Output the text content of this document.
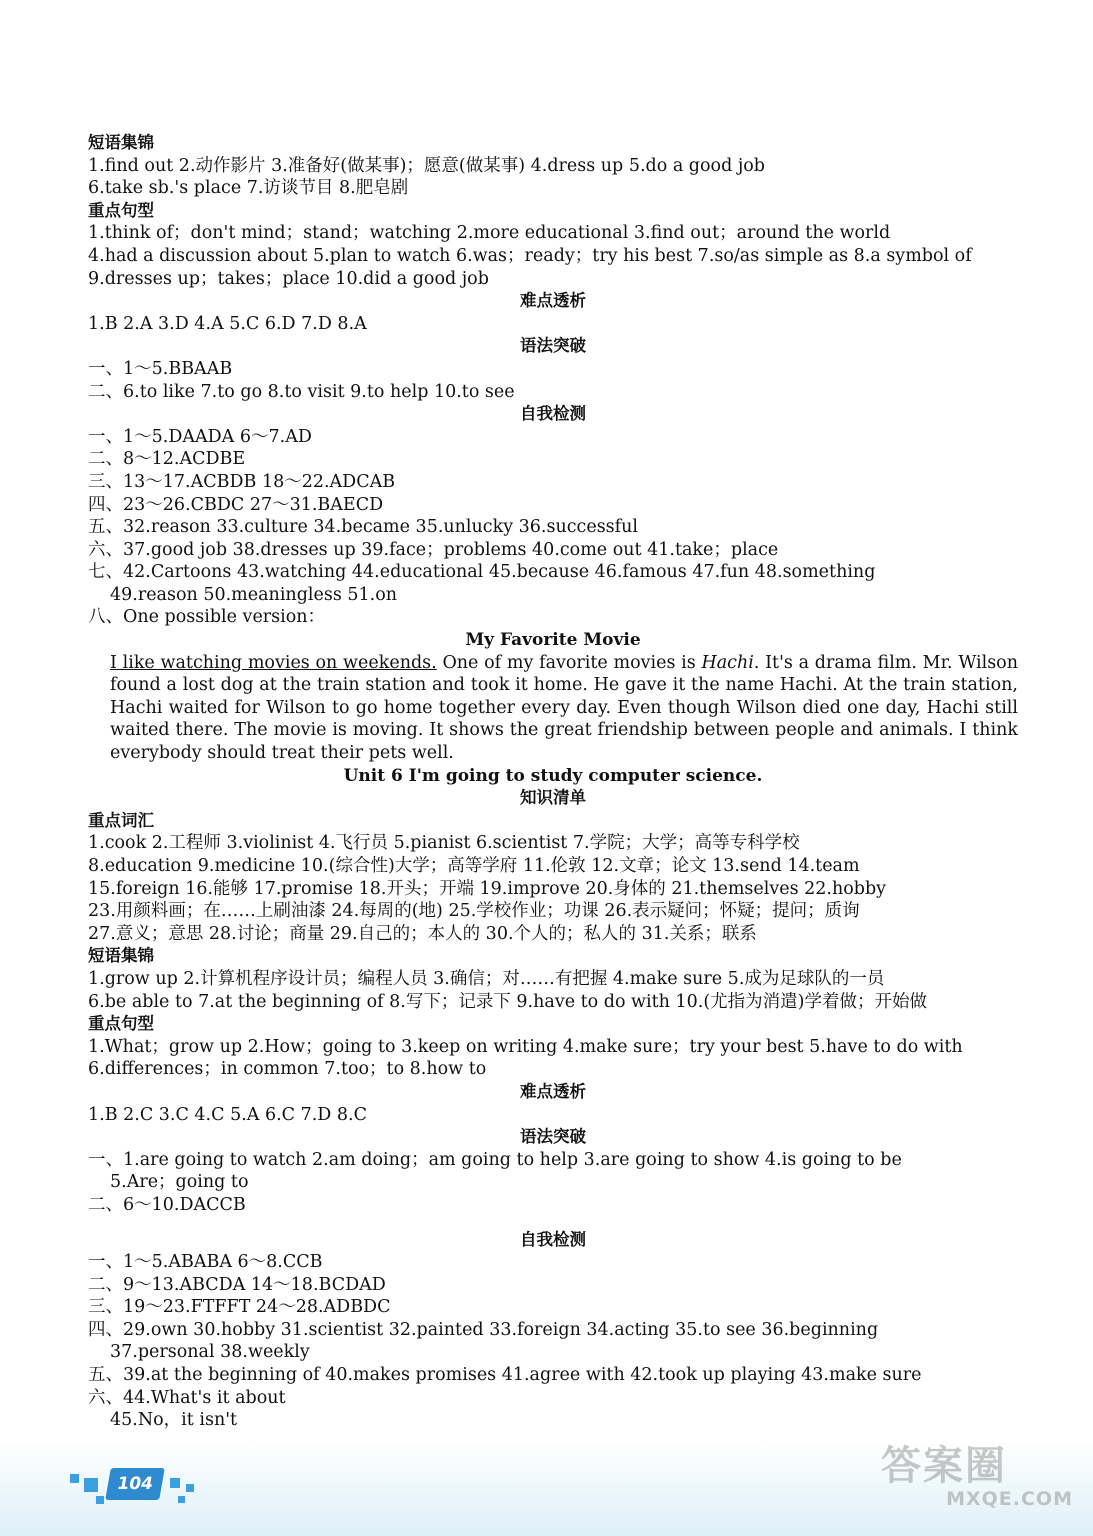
短语集锦
1.find out 2.动作影片 3.准备好(做某事)；愿意(做某事) 4.dress up 5.do a good job
6.take sb.'s place 7.访谈节目 8.肥皂剧
重点句型
1.think of；don't mind；stand；watching 2.more educational 3.find out；around the world
4.had a discussion about 5.plan to watch 6.was；ready；try his best 7.so/as simple as 8.a symbol of
9.dresses up；takes；place 10.did a good job
难点透析
1.B 2.A 3.D 4.A 5.C 6.D 7.D 8.A
语法突破
一、1～5.BBAAB
二、6.to like 7.to go 8.to visit 9.to help 10.to see
自我检测
一、1～5.DAADA 6～7.AD
二、8～12.ACDBE
三、13～17.ACBDB 18～22.ADCAB
四、23～26.CBDC 27～31.BAECD
五、32.reason 33.culture 34.became 35.unlucky 36.successful
六、37.good job 38.dresses up 39.face；problems 40.come out 41.take；place
七、42.Cartoons 43.watching 44.educational 45.because 46.famous 47.fun 48.something
49.reason 50.meaningless 51.on
八、One possible version：
My Favorite Movie
I like watching movies on weekends. One of my favorite movies is Hachi. It's a drama film. Mr. Wilson found a lost dog at the train station and took it home. He gave it the name Hachi. At the train station, Hachi waited for Wilson to go home together every day. Even though Wilson died one day, Hachi still waited there. The movie is moving. It shows the great friendship between people and animals. I think everybody should treat their pets well.
Unit 6 I'm going to study computer science.
知识清单
重点词汇
1.cook 2.工程师 3.violinist 4.飞行员 5.pianist 6.scientist 7.学院；大学；高等专科学校
8.education 9.medicine 10.(综合性)大学；高等学府 11.伦敦 12.文章；论文 13.send 14.team
15.foreign 16.能够 17.promise 18.开头；开端 19.improve 20.身体的 21.themselves 22.hobby
23.用颜料画；在……上刷油漆 24.每周的(地) 25.学校作业；功课 26.表示疑问；怀疑；提问；质询
27.意义；意思 28.讨论；商量 29.自己的；本人的 30.个人的；私人的 31.关系；联系
短语集锦
1.grow up 2.计算机程序设计员；编程人员 3.确信；对……有把握 4.make sure 5.成为足球队的一员
6.be able to 7.at the beginning of 8.写下；记录下 9.have to do with 10.(尤指为消遣)学着做；开始做
重点句型
1.What；grow up 2.How；going to 3.keep on writing 4.make sure；try your best 5.have to do with
6.differences；in common 7.too；to 8.how to
难点透析
1.B 2.C 3.C 4.C 5.A 6.C 7.D 8.C
语法突破
一、1.are going to watch 2.am doing；am going to help 3.are going to show 4.is going to be
5.Are；going to
二、6～10.DACCB
自我检测
一、1～5.ABABA 6～8.CCB
二、9～13.ABCDA 14～18.BCDAD
三、19～23.FTFFT 24～28.ADBDC
四、29.own 30.hobby 31.scientist 32.painted 33.foreign 34.acting 35.to see 36.beginning
37.personal 38.weekly
五、39.at the beginning of 40.makes promises 41.agree with 42.took up playing 43.make sure
六、44.What's it about
45.No，it isn't
104	答案圈
MXQE.COM
